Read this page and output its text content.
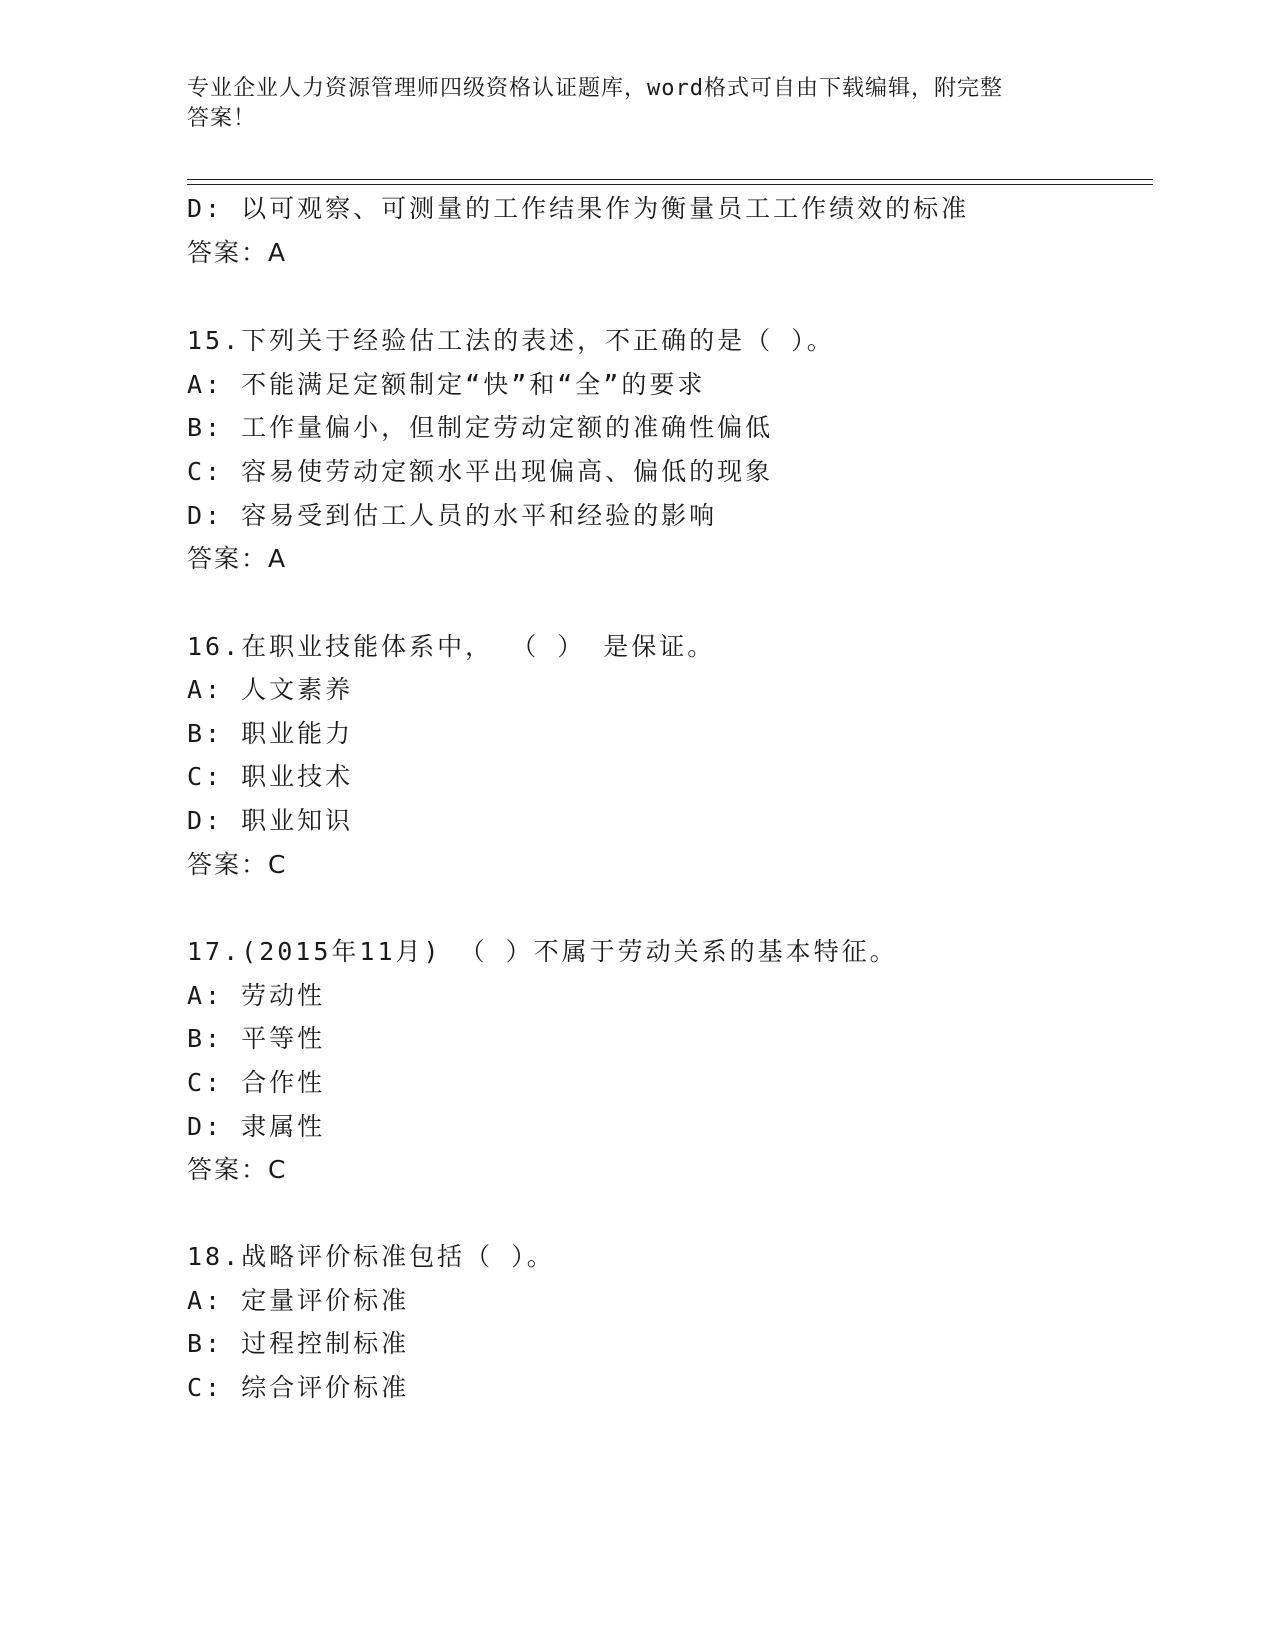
专业企业人力资源管理师四级资格认证题库，word格式可自由下载编辑，附完整
答案！
D: 以可观察、可测量的工作结果作为衡量员工工作绩效的标准
答案：A
15.下列关于经验估工法的表述，不正确的是（ ）。
A: 不能满足定额制定“快”和“全”的要求
B: 工作量偏小，但制定劳动定额的准确性偏低
C: 容易使劳动定额水平出现偏高、偏低的现象
D: 容易受到估工人员的水平和经验的影响
答案：A
16.在职业技能体系中， （ ） 是保证。
A: 人文素养
B: 职业能力
C: 职业技术
D: 职业知识
答案：C
17.(2015年11月) （ ）不属于劳动关系的基本特征。
A: 劳动性
B: 平等性
C: 合作性
D: 隶属性
答案：C
18.战略评价标准包括（ ）。
A: 定量评价标准
B: 过程控制标准
C: 综合评价标准
